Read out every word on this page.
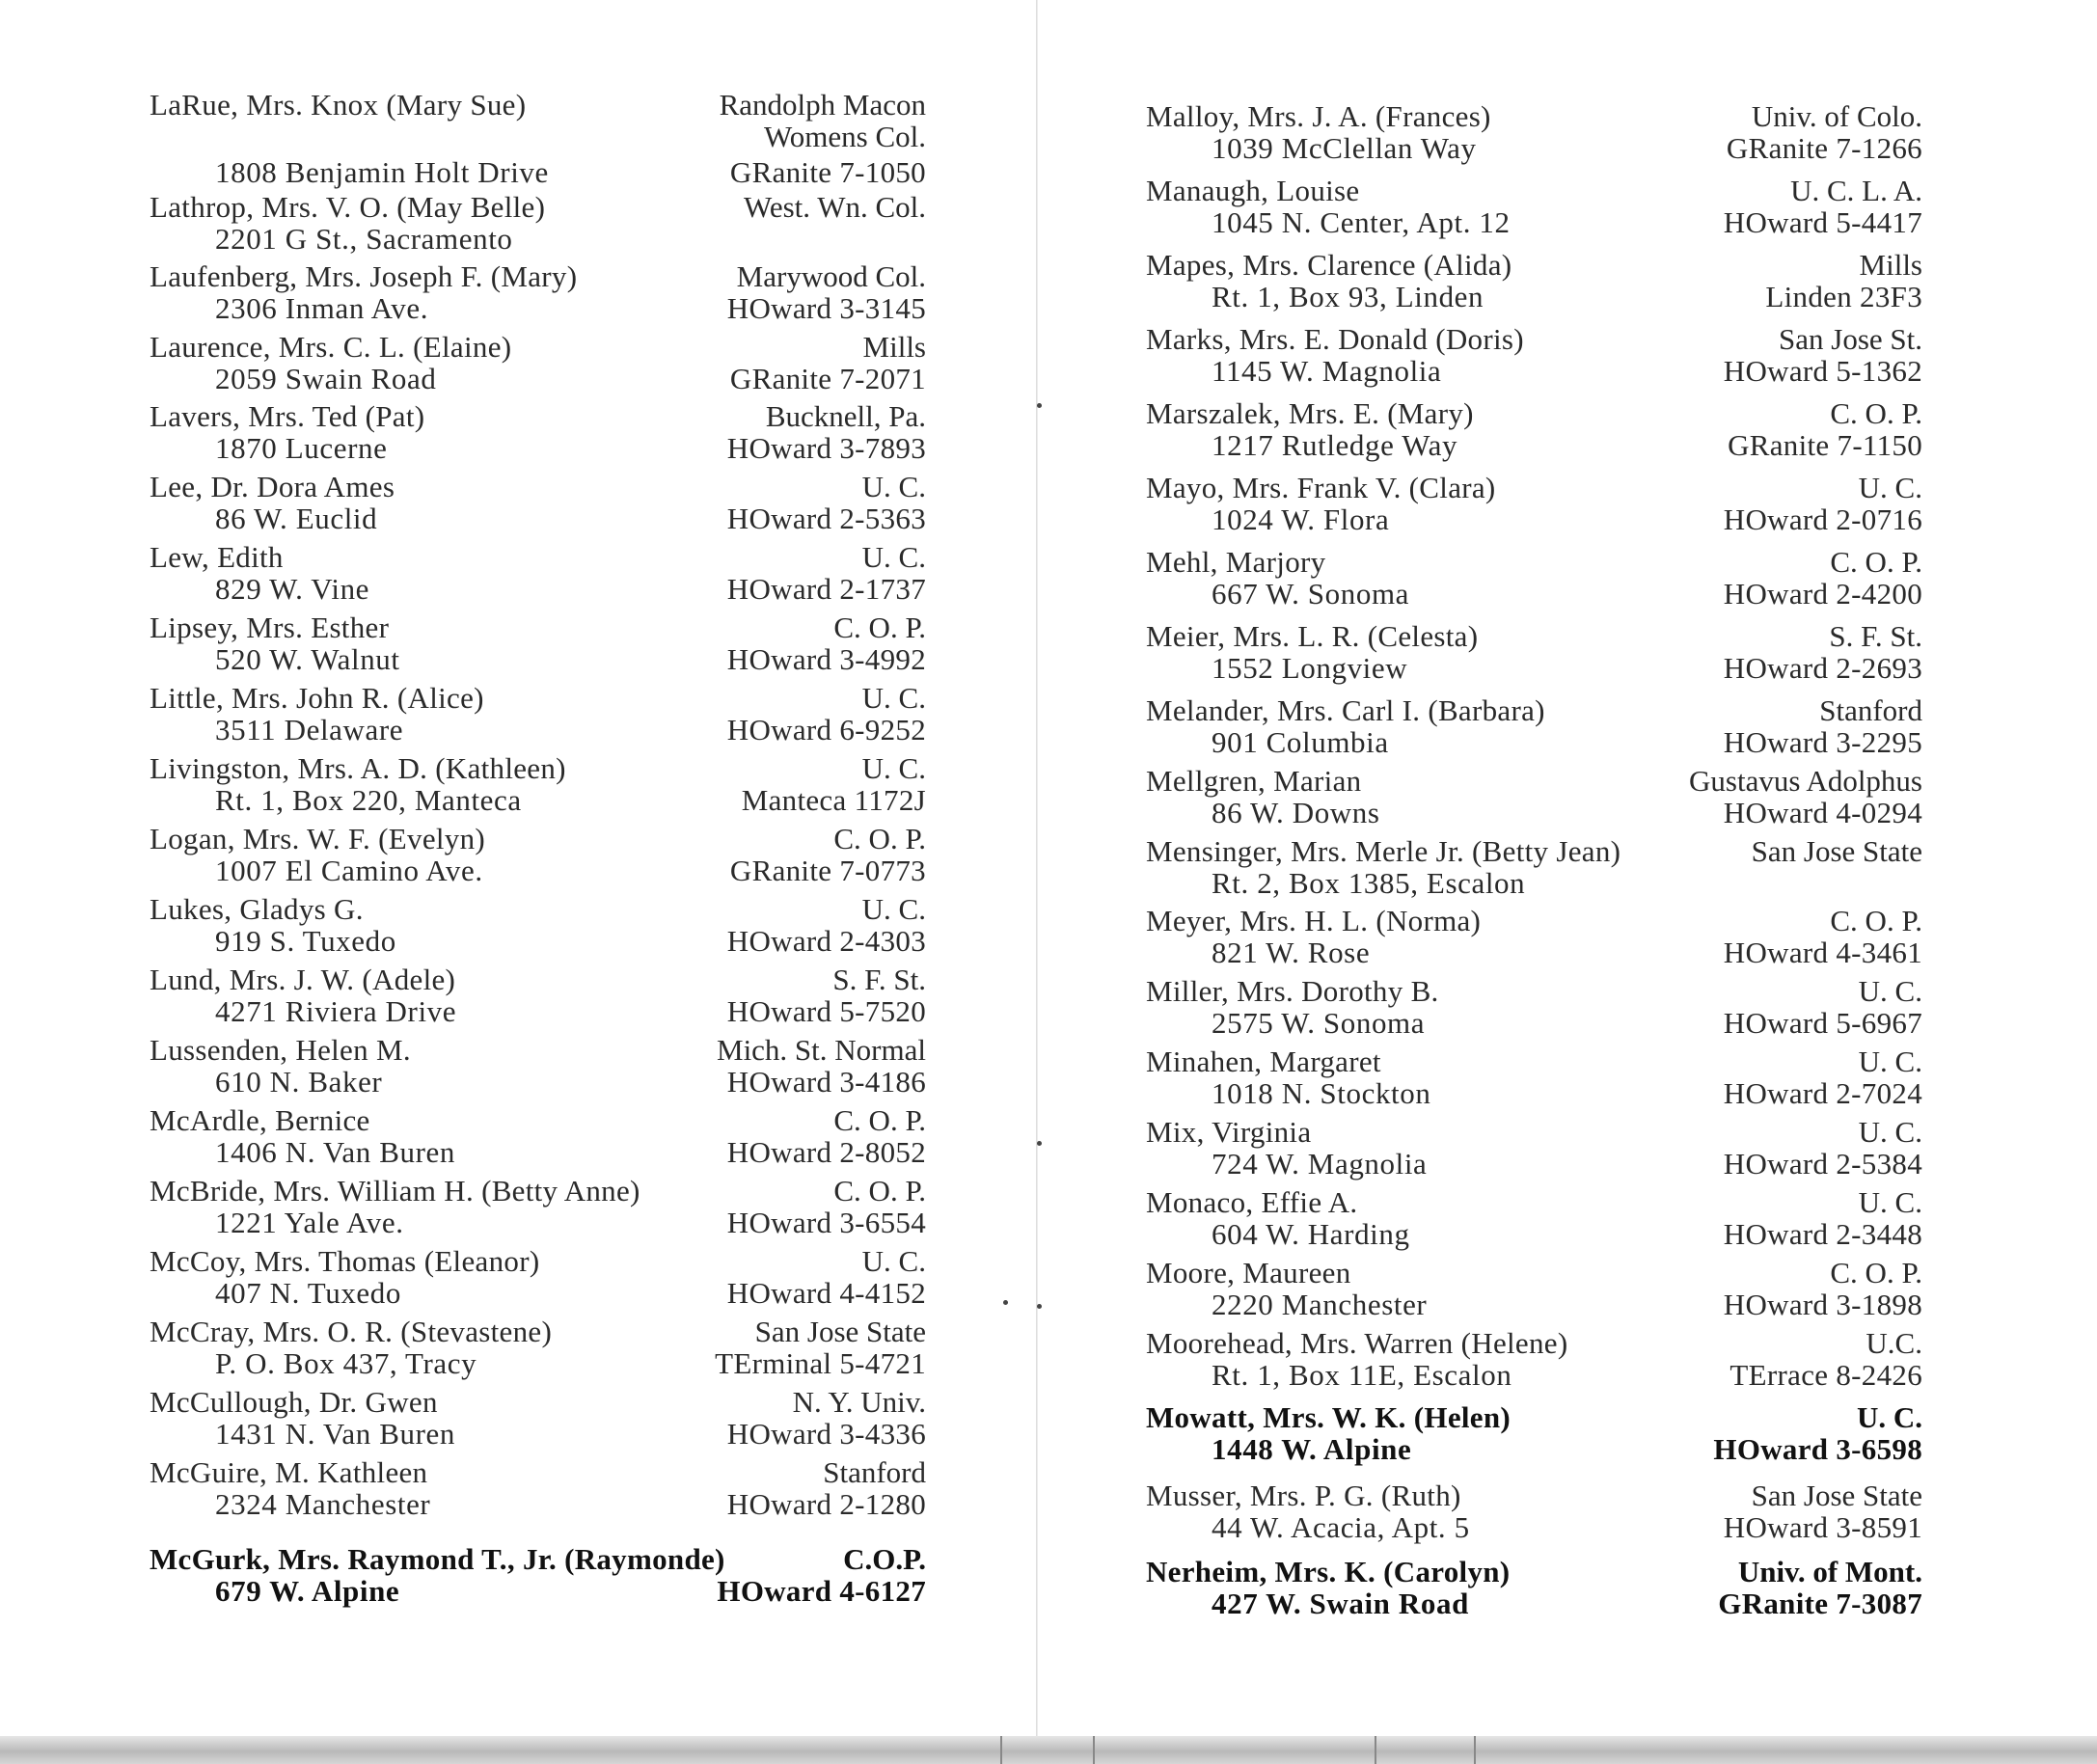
LaRue, Mrs. Knox (Mary Sue)	Randolph Macon
Womens Col.
1808 Benjamin Holt Drive	GRanite 7-1050
Lathrop, Mrs. V. O. (May Belle)	West. Wn. Col.
2201 G St., Sacramento
Laufenberg, Mrs. Joseph F. (Mary)	Marywood Col.
2306 Inman Ave.	HOward 3-3145
Laurence, Mrs. C. L. (Elaine)	Mills
2059 Swain Road	GRanite 7-2071
Lavers, Mrs. Ted (Pat)	Bucknell, Pa.
1870 Lucerne	HOward 3-7893
Lee, Dr. Dora Ames	U. C.
86 W. Euclid	HOward 2-5363
Lew, Edith	U. C.
829 W. Vine	HOward 2-1737
Lipsey, Mrs. Esther	C. O. P.
520 W. Walnut	HOward 3-4992
Little, Mrs. John R. (Alice)	U. C.
3511 Delaware	HOward 6-9252
Livingston, Mrs. A. D. (Kathleen)	U. C.
Rt. 1, Box 220, Manteca	Manteca 1172J
Logan, Mrs. W. F. (Evelyn)	C. O. P.
1007 El Camino Ave.	GRanite 7-0773
Lukes, Gladys G.	U. C.
919 S. Tuxedo	HOward 2-4303
Lund, Mrs. J. W. (Adele)	S. F. St.
4271 Riviera Drive	HOward 5-7520
Lussenden, Helen M.	Mich. St. Normal
610 N. Baker	HOward 3-4186
McArdle, Bernice	C. O. P.
1406 N. Van Buren	HOward 2-8052
McBride, Mrs. William H. (Betty Anne)	C. O. P.
1221 Yale Ave.	HOward 3-6554
McCoy, Mrs. Thomas (Eleanor)	U. C.
407 N. Tuxedo	HOward 4-4152
McCray, Mrs. O. R. (Stevastene)	San Jose State
P. O. Box 437, Tracy	TErminal 5-4721
McCullough, Dr. Gwen	N. Y. Univ.
1431 N. Van Buren	HOward 3-4336
McGuire, M. Kathleen	Stanford
2324 Manchester	HOward 2-1280
McGurk, Mrs. Raymond T., Jr. (Raymonde)	C.O.P.
679 W. Alpine	HOward 4-6127
Malloy, Mrs. J. A. (Frances)	Univ. of Colo.
1039 McClellan Way	GRanite 7-1266
Manaugh, Louise	U. C. L. A.
1045 N. Center, Apt. 12	HOward 5-4417
Mapes, Mrs. Clarence (Alida)	Mills
Rt. 1, Box 93, Linden	Linden 23F3
Marks, Mrs. E. Donald (Doris)	San Jose St.
1145 W. Magnolia	HOward 5-1362
Marszalek, Mrs. E. (Mary)	C. O. P.
1217 Rutledge Way	GRanite 7-1150
Mayo, Mrs. Frank V. (Clara)	U. C.
1024 W. Flora	HOward 2-0716
Mehl, Marjory	C. O. P.
667 W. Sonoma	HOward 2-4200
Meier, Mrs. L. R. (Celesta)	S. F. St.
1552 Longview	HOward 2-2693
Melander, Mrs. Carl I. (Barbara)	Stanford
901 Columbia	HOward 3-2295
Mellgren, Marian	Gustavus Adolphus
86 W. Downs	HOward 4-0294
Mensinger, Mrs. Merle Jr. (Betty Jean)	San Jose State
Rt. 2, Box 1385, Escalon
Meyer, Mrs. H. L. (Norma)	C. O. P.
821 W. Rose	HOward 4-3461
Miller, Mrs. Dorothy B.	U. C.
2575 W. Sonoma	HOward 5-6967
Minahen, Margaret	U. C.
1018 N. Stockton	HOward 2-7024
Mix, Virginia	U. C.
724 W. Magnolia	HOward 2-5384
Monaco, Effie A.	U. C.
604 W. Harding	HOward 2-3448
Moore, Maureen	C. O. P.
2220 Manchester	HOward 3-1898
Moorehead, Mrs. Warren (Helene)	U.C.
Rt. 1, Box 11E, Escalon	TErrace 8-2426
Mowatt, Mrs. W. K. (Helen)	U. C.
1448 W. Alpine	HOward 3-6598
Musser, Mrs. P. G. (Ruth)	San Jose State
44 W. Acacia, Apt. 5	HOward 3-8591
Nerheim, Mrs. K. (Carolyn)	Univ. of Mont.
427 W. Swain Road	GRanite 7-3087
